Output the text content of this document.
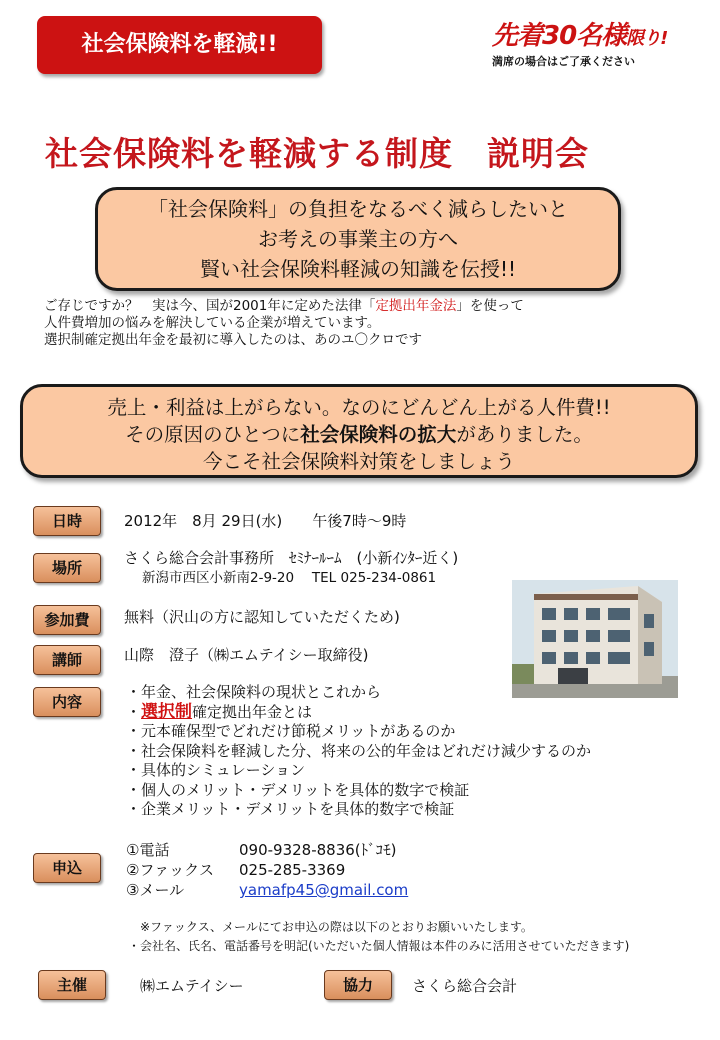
社会保険料を軽減!!	先着30名様限り!
満席の場合はご了承ください
社会保険料を軽減する制度　説明会
「社会保険料」の負担をなるべく減らしたいと
お考えの事業主の方へ
賢い社会保険料軽減の知識を伝授!!
ご存じですか？　実は今、国が2001年に定めた法律「定拠出年金法」を使って
人件費増加の悩みを解決している企業が増えています。
選択制確定拠出年金を最初に導入したのは、あのユ〇クロです
売上・利益は上がらない。なのにどんどん上がる人件費!!
その原因のひとつに社会保険料の拡大がありました。
今こそ社会保険料対策をしましょう
日時	2012年　8月 29日(水)　　午後7時～9時
場所
さくら総合会計事務所　ｾﾐﾅｰﾙｰﾑ　(小新ｲﾝﾀｰ近く)
新潟市西区小新南2-9-20　 TEL 025-234-0861
参加費	無料（沢山の方に認知していただくため)
講師	山際　澄子（㈱エムテイシー取締役)
内容
・年金、社会保険料の現状とこれから
・選択制確定拠出年金とは
・元本確保型でどれだけ節税メリットがあるのか
・社会保険料を軽減した分、将来の公的年金はどれだけ減少するのか
・具体的シミュレーション
・個人のメリット・デメリットを具体的数字で検証
・企業メリット・デメリットを具体的数字で検証
申込
①電話	090-9328-8836(ﾄﾞｺﾓ)
②ファックス 025-285-3369
③メール	yamafp45@gmail.com
※ファックス、メールにてお申込の際は以下のとおりお願いいたします。
・会社名、氏名、電話番号を明記(いただいた個人情報は本件のみに活用させていただきます)
主催	㈱エムテイシー	協力	さくら総合会計
